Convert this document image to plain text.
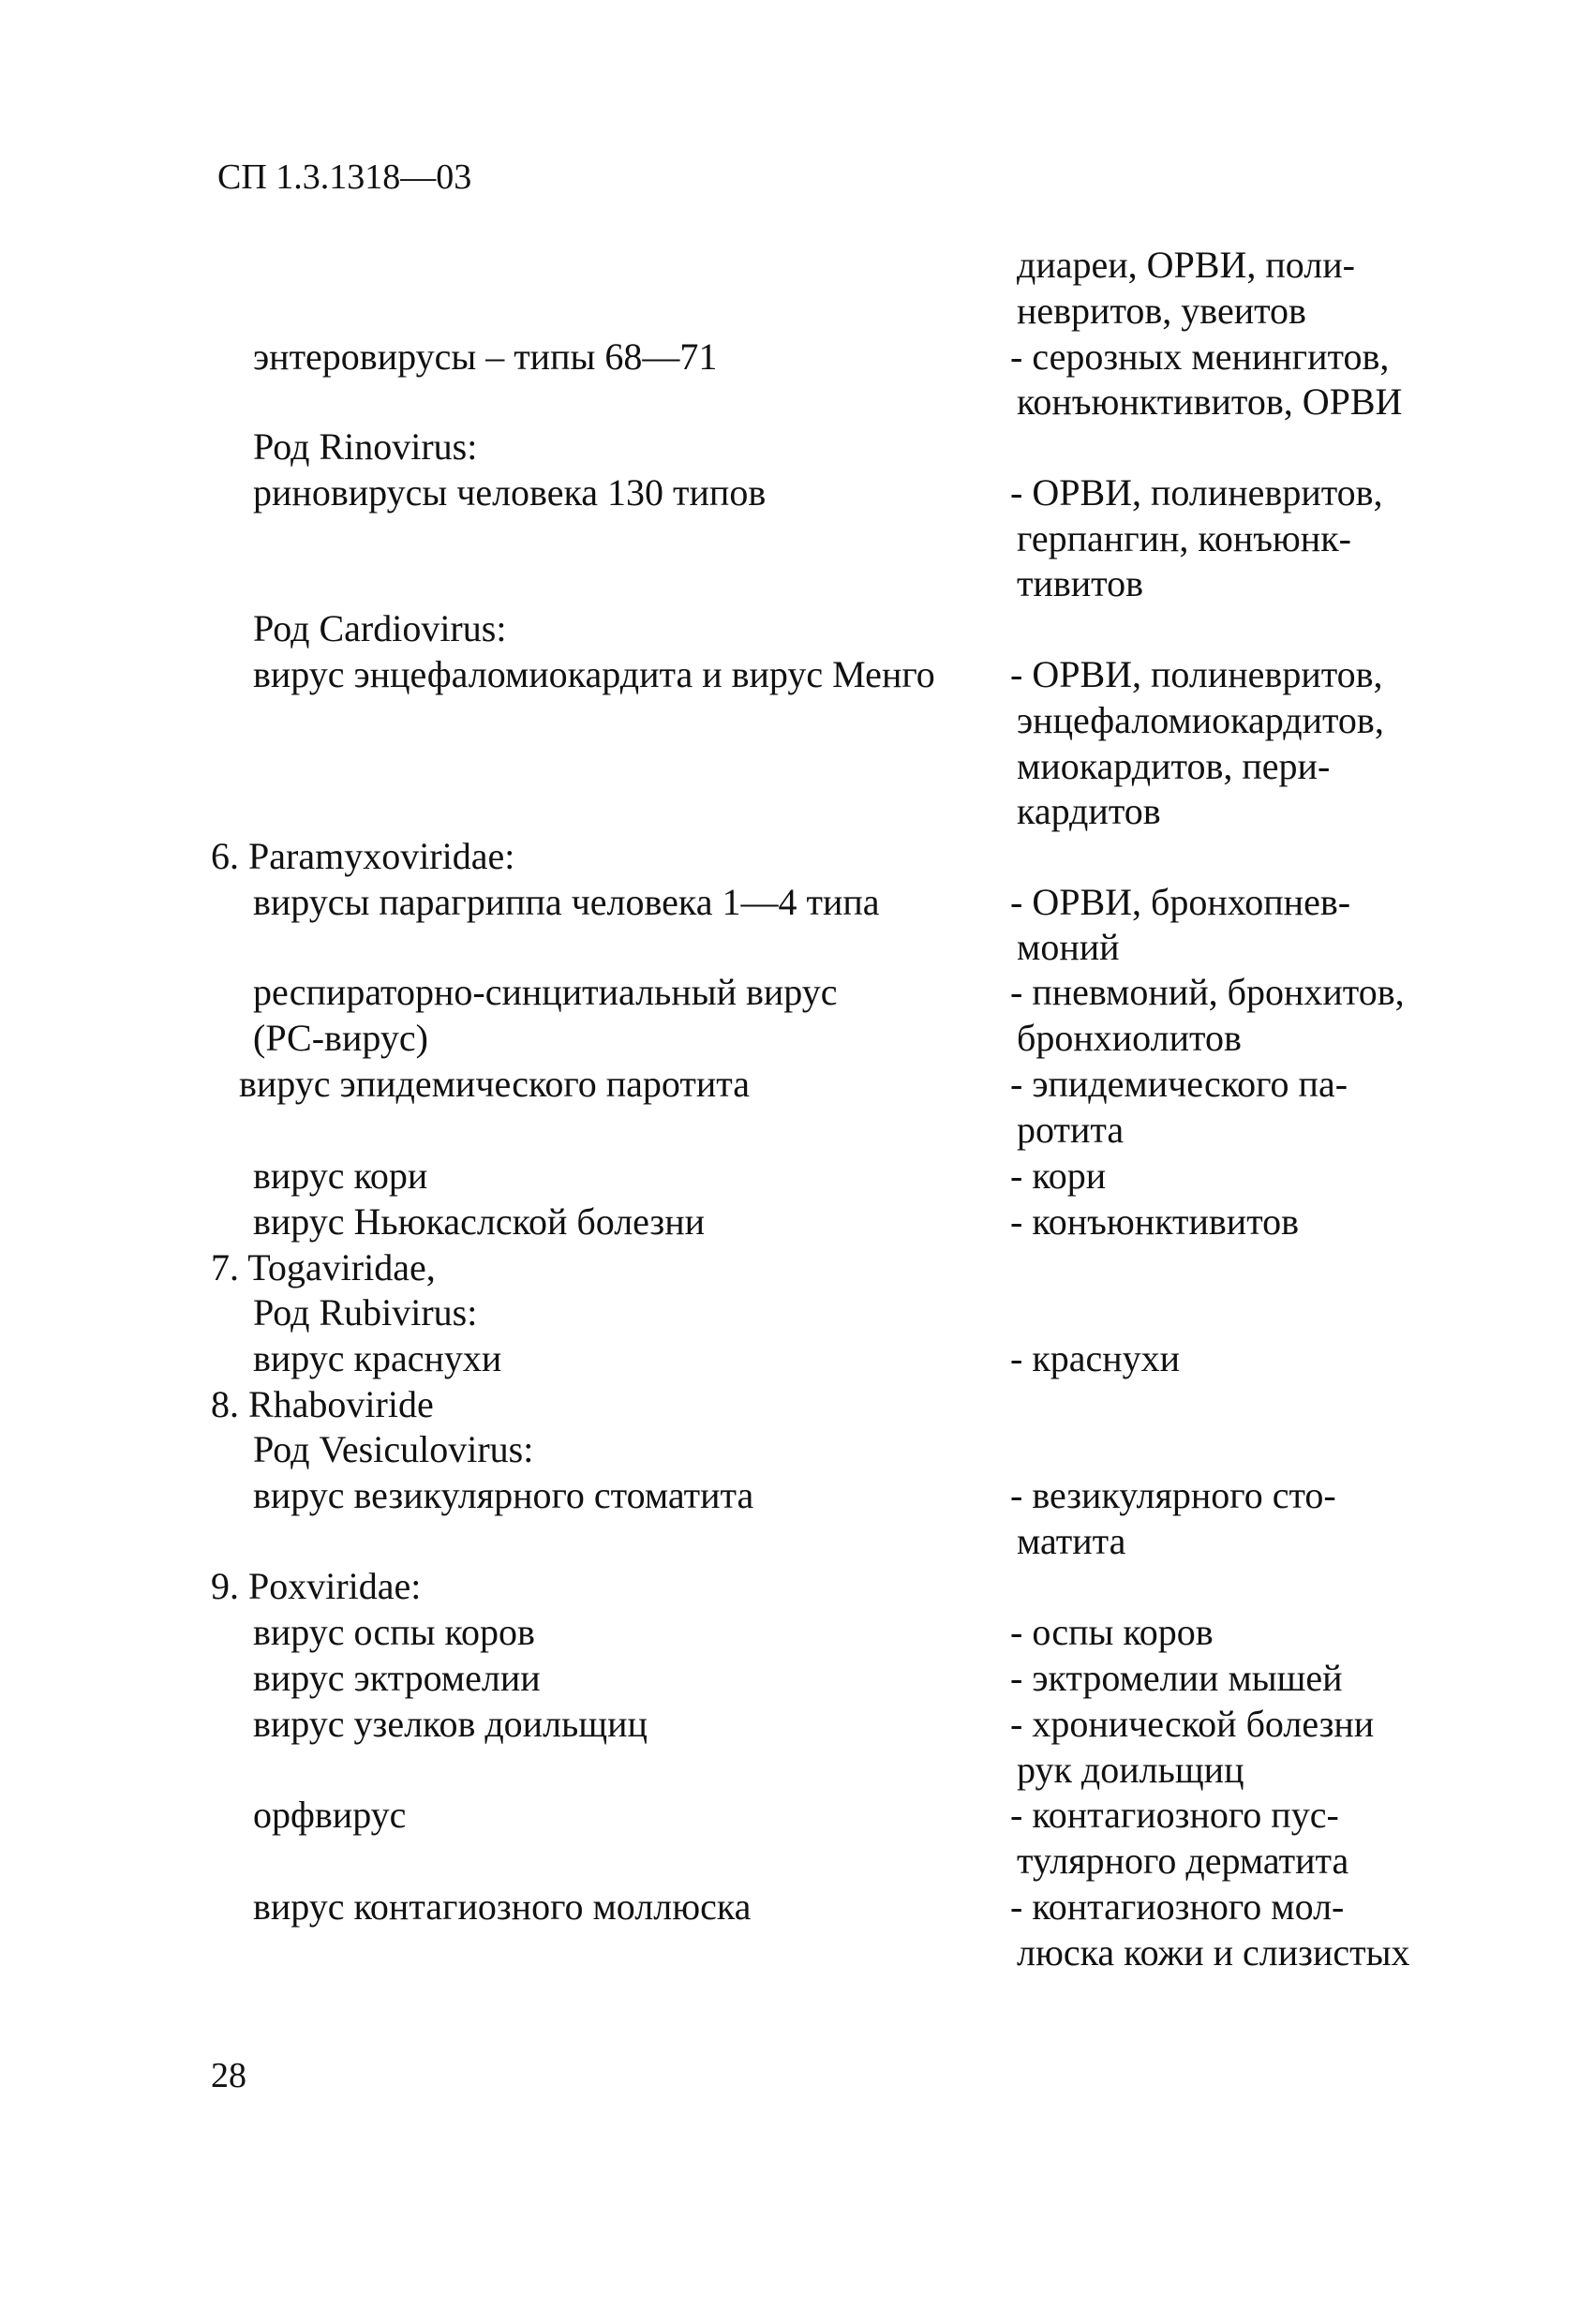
СП 1.3.1318—03
энтеровирусы – типы 68—71
Род Rinovirus:
риновирусы человека 130 типов
Род Cardiovirus:
вирус энцефаломиокардита и вирус Менго
6. Paramyxoviridae:
вирусы парагриппа человека 1—4 типа
респираторно-синцитиальный вирус
(РС-вирус)
вирус эпидемического паротита
вирус кори
вирус Ньюкаслской болезни
7. Togaviridae,
Род Rubivirus:
вирус краснухи
8. Rhaboviride
Род Vesiculovirus:
вирус везикулярного стоматита
9. Poxviridae:
вирус оспы коров
вирус эктромелии
вирус узелков доильщиц
орфвирус
вирус контагиозного моллюска
диареи, ОРВИ, поли-
невритов, увеитов
- серозных менингитов,
конъюнктивитов, ОРВИ
- ОРВИ, полиневритов,
герпангин, конъюнк-
тивитов
- ОРВИ, полиневритов,
энцефаломиокардитов,
миокардитов, пери-
кардитов
- ОРВИ, бронхопнев-
моний
- пневмоний, бронхитов,
бронхиолитов
- эпидемического па-
ротита
- кори
- конъюнктивитов
- краснухи
- везикулярного сто-
матита
- оспы коров
- эктромелии мышей
- хронической болезни
рук доильщиц
- контагиозного пус-
тулярного дерматита
- контагиозного мол-
люска кожи и слизистых
28
